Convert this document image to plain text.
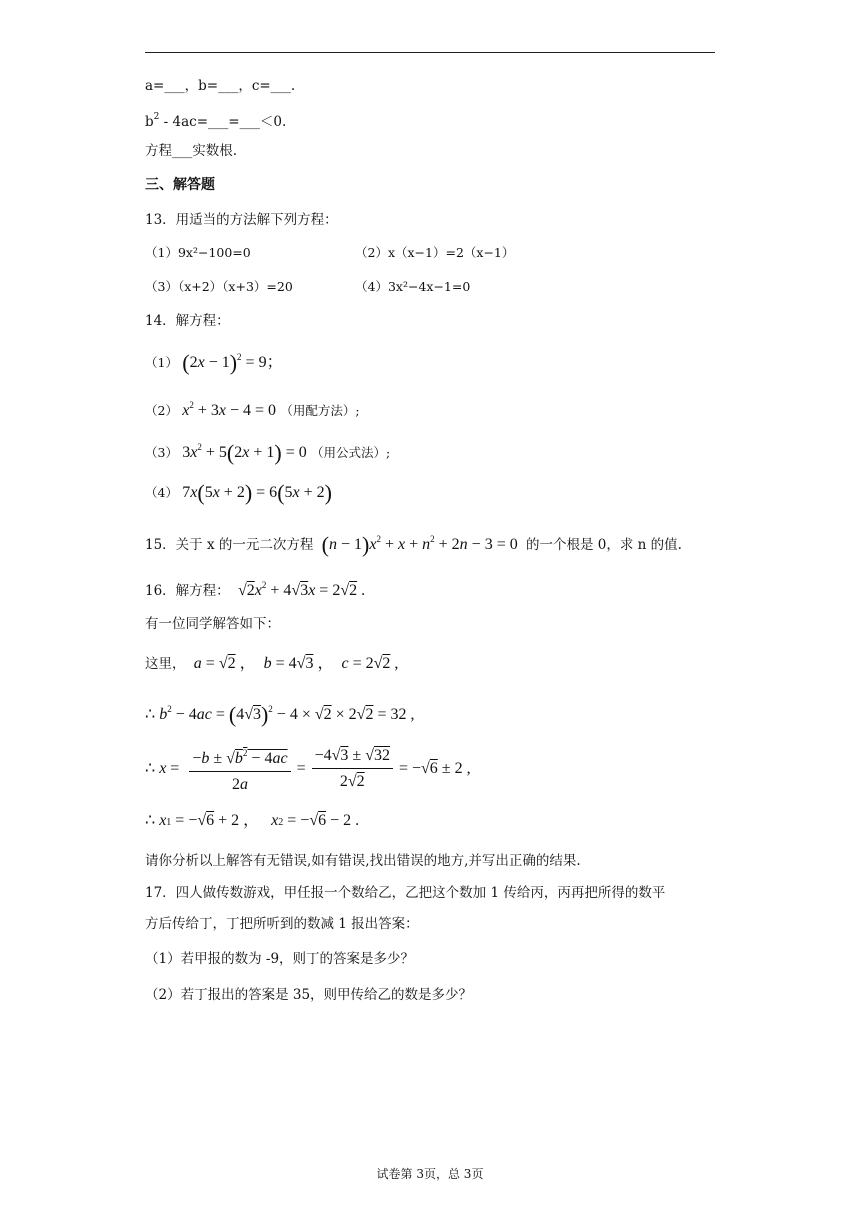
a=___，b=___，c=___.
$b^2$ - 4ac=___=___＜0.
方程___实数根.
三、解答题
13．用适当的方法解下列方程：
（1）9x²−100=0	（2）x（x−1）=2（x−1）
（3）（x+2）（x+3）=20	（4）3x²−4x−1=0
14．解方程：
（1） $(2x - 1)^2 = 9$；
（2） $x^2 + 3x - 4 = 0$ （用配方法）;
（3） $3x^2 + 5(2x + 1) = 0$ （用公式法）;
（4） 7x(5x + 2) = 6(5x + 2)
15．关于 x 的一元二次方程 $(n - 1)x^2 + x + n^2 + 2n - 3 = 0$  的一个根是 0，求 n 的值.
16．解方程：  $√2x^2 + 4√3x = 2√2$ .
有一位同学解答如下：
这里， a = √2 ，  b = 4√3 ，  c = 2√2 ,
∴ $b^2 - 4ac = (4√3)^2 - 4 \times √2 \times 2√2 = 32$ ,
∴ $x = \frac{-b \pm √b^2 - 4ac}{2a} = \frac{-4√3 \pm √32}{2√2} = -√6 \pm 2$ ,
∴ x1 = −√6 + 2 ，   x2 = −√6 − 2 .
请你分析以上解答有无错误,如有错误,找出错误的地方,并写出正确的结果.
17．四人做传数游戏，甲任报一个数给乙，乙把这个数加 1 传给丙，丙再把所得的数平
方后传给丁，丁把所听到的数减 1 报出答案：
（1）若甲报的数为 -9，则丁的答案是多少？
（2）若丁报出的答案是 35，则甲传给乙的数是多少？
试卷第 3页，总 3页
